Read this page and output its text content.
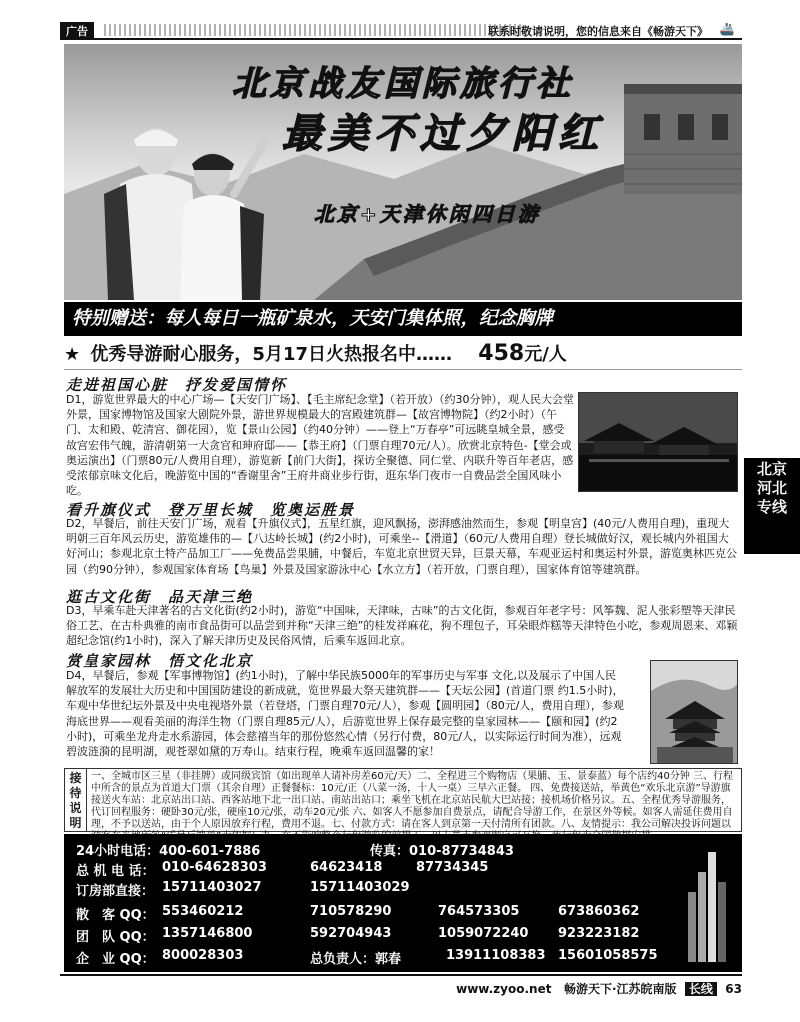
广告	联系时敬请说明，您的信息来自《畅游天下》 🚢
北京战友国际旅行社
最美不过夕阳红
北京+天津休闲四日游
特别赠送：每人每日一瓶矿泉水，天安门集体照，纪念胸牌
★ 优秀导游耐心服务，5月17日火热报名中…… 458元/人
走进祖国心脏　抒发爱国情怀
D1，游览世界最大的中心广场—【天安门广场】、【毛主席纪念堂】（若开放）（约30分钟），观人民大会堂外景，国家博物馆及国家大剧院外景，游世界规模最大的宫殿建筑群—【故宫博物院】（约2小时）（午门、太和殿、乾清宫、御花园），览【景山公园】（约40分钟）——登上“万春亭”可远眺皇城全景，感受故宫宏伟气魄，游清朝第一大贪官和珅府邸——【恭王府】（门票自理70元/人）。欣赏北京特色-【堂会或奥运演出】（门票80元/人费用自理），游览新【前门大街】，探访全聚德、同仁堂、内联升等百年老店，感受浓郁京味文化后，晚游览中国的“香谢里舍”王府井商业步行街，逛东华门夜市一自费品尝全国风味小吃。
看升旗仪式　登万里长城　览奥运胜景
D2，早餐后，前往天安门广场，观看【升旗仪式】，五星红旗，迎风飘扬，澎湃感油然而生，参观【明皇宫】(40元/人费用自理)，重现大明朝三百年风云历史，游览雄伟的—【八达岭长城】(约2小时)，可乘坐--【滑道】（60元/人费用自理）登长城做好汉，观长城内外祖国大好河山；参观北京土特产品加工厂——免费品尝果脯，中餐后，车览北京世贸天异，巨景天幕，车观亚运村和奥运村外景，游览奥林匹克公园（约90分钟），参观国家体育场【鸟巢】外景及国家游泳中心【水立方】（若开放，门票自理），国家体育馆等建筑群。
逛古文化街　品天津三绝
D3，早乘车赴天津著名的古文化街(约2小时)，游览“中国味，天津味，古味”的古文化街，参观百年老字号：风筝魏、泥人张彩塑等天津民俗工艺、在古朴典雅的南市食品街可以品尝到并称“天津三绝”的桂发祥麻花，狗不理包子，耳朵眼炸糕等天津特色小吃，参观周恩来、邓颖超纪念馆(约1小时)，深入了解天津历史及民俗风情，后乘车返回北京。
赏皇家园林　悟文化北京
D4，早餐后，参观【军事博物馆】(约1小时)，了解中华民族5000年的军事历史与军事 文化,以及展示了中国人民解放军的发展壮大历史和中国国防建设的新成就，览世界最大祭天建筑群——【天坛公园】(首道门票 约1.5小时)，车观中华世纪坛外景及中央电视塔外景（若登塔，门票自理70元/人），参观【圆明园】（80元/人，费用自理），参观海底世界——观看美丽的海洋生物（门票自理85元/人），后游览世界上保存最完整的皇家园林——【颐和园】(约2小时)，可乘坐龙舟走水系游园，体会慈禧当年的那份悠然心情（另行付费，80元/人，以实际运行时间为准），远观碧波涟漪的昆明湖，观苍翠如黛的万寿山。结束行程，晚乘车返回温馨的家！
北京
河北
专线
接待说明
一、全城市区三星（非挂牌）或同级宾馆（如出现单人请补房差60元/天）二、全程进三个购物店（果脯、玉、景泰蓝）每个店约40分钟 三、行程中所含的景点为首道大门票（其余自理）正餐餐标：10元/正（八菜一汤，十人一桌）三早六正餐。 四、免费接送站，举黄色“欢乐北京游”导游旗接送火车站：北京站出口站、西客站地下北一出口站、南站出站口；乘坐飞机在北京站民航大巴站接；接机场价格另议。五、全程优秀导游服务，代订回程服务：硬卧30元/张，硬座10元/张，动车20元/张 六、如客人不愿参加自费景点，请配合导游工作，在景区外等候。如客人需延住费用自理，不予以送站，由于个人原因放弃行程，费用不退。七、付款方式：请在客人到京第一天付清所有团款。八、友情提示：我公司解决投诉问题以
24小时电话：400-601-7886	传真：010-87734843
总 机 电 话： 010-64628303	64623418	87734345
订房部直接： 15711403027	15711403029
散　客 QQ： 553460212	710578290	764573305	673860362
团　队 QQ： 1357146800	592704943	1059072240 923223182
企　业 QQ： 800028303	总负责人：郭春	13911108383 15601058575
www.zyoo.net 畅游天下·江苏皖南版 长线 63
